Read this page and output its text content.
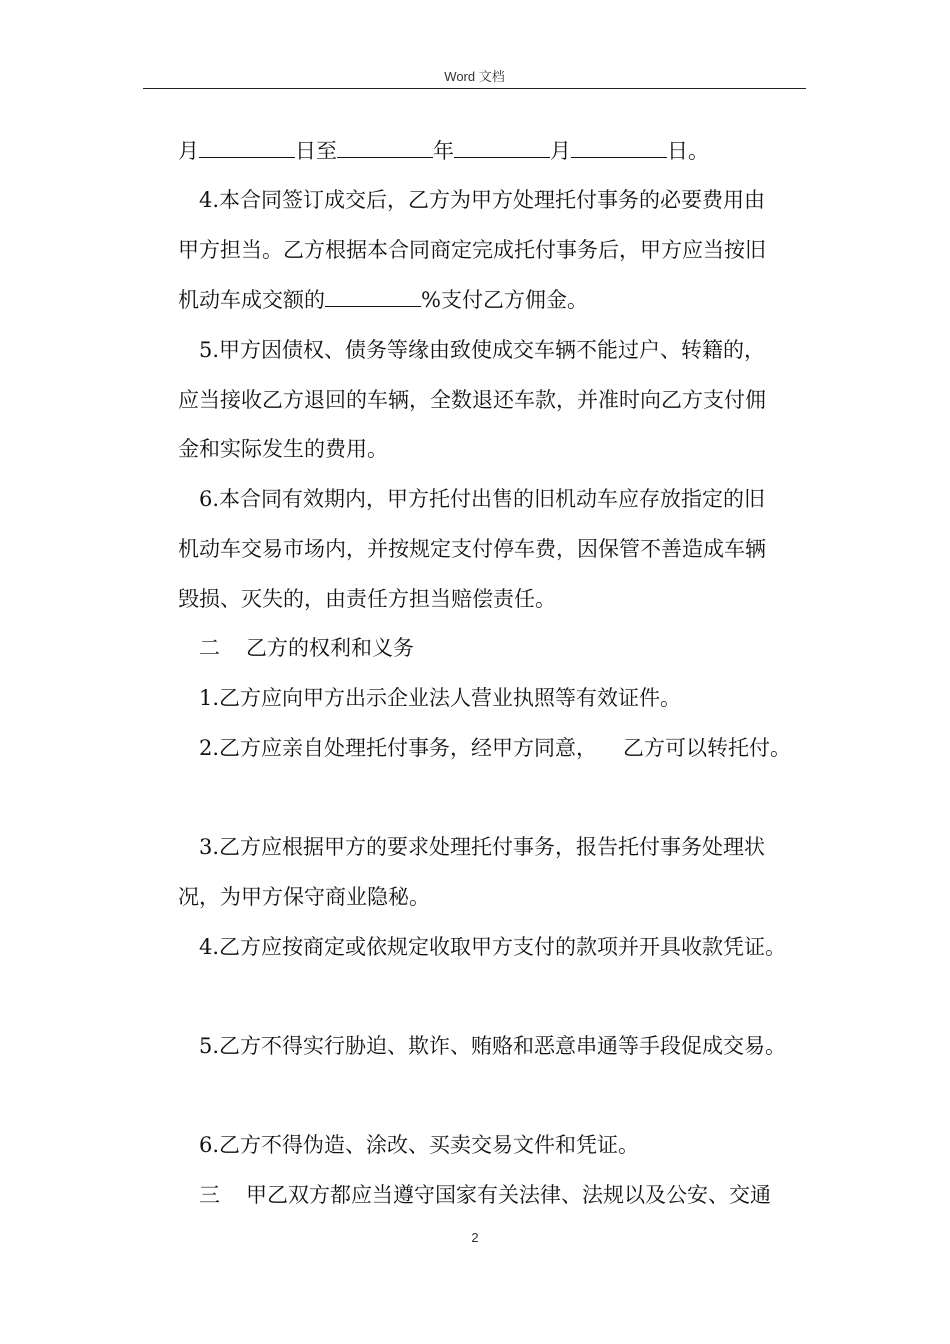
Word 文档
月	日至	年	月	日。
4.本合同签订成交后，乙方为甲方处理托付事务的必要费用由
甲方担当。乙方根据本合同商定完成托付事务后，甲方应当按旧
机动车成交额的	%支付乙方佣金。
5.甲方因债权、债务等缘由致使成交车辆不能过户、转籍的，
应当接收乙方退回的车辆，全数退还车款，并准时向乙方支付佣
金和实际发生的费用。
6.本合同有效期内，甲方托付出售的旧机动车应存放指定的旧
机动车交易市场内，并按规定支付停车费，因保管不善造成车辆
毁损、灭失的，由责任方担当赔偿责任。
二 乙方的权利和义务
1.乙方应向甲方出示企业法人营业执照等有效证件。
2.乙方应亲自处理托付事务，经甲方同意， 乙方可以转托付。
3.乙方应根据甲方的要求处理托付事务，报告托付事务处理状
况，为甲方保守商业隐秘。
4.乙方应按商定或依规定收取甲方支付的款项并开具收款凭证。
5.乙方不得实行胁迫、欺诈、贿赂和恶意串通等手段促成交易。
6.乙方不得伪造、涂改、买卖交易文件和凭证。
三 甲乙双方都应当遵守国家有关法律、法规以及公安、交通
2
